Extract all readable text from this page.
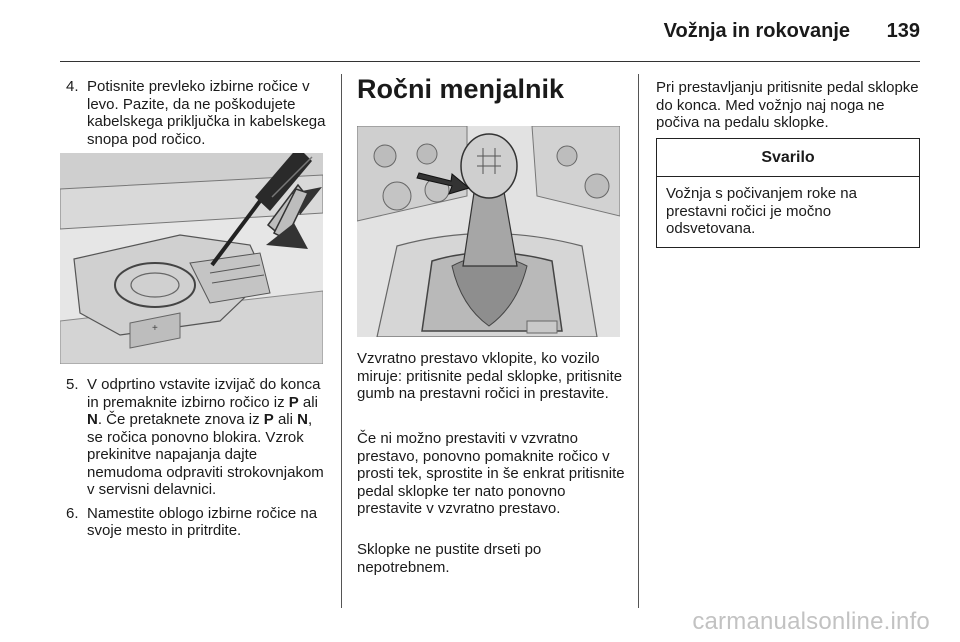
Vožnja in rokovanje	139
4. Potisnite prevleko izbirne ročice v levo. Pazite, da ne poškodujete kabelskega priključka in kabelskega snopa pod ročico.
+
5. V odprtino vstavite izvijač do konca in premaknite izbirno ročico iz P ali N. Če pretaknete znova iz P ali N, se ročica ponovno blokira. Vzrok prekinitve napajanja dajte nemudoma odpraviti strokovnjakom v servisni delavnici.
6. Namestite oblogo izbirne ročice na svoje mesto in pritrdite.
Ročni menjalnik

Vzvratno prestavo vklopite, ko vozilo miruje: pritisnite pedal sklopke, pritisnite gumb na prestavni ročici in prestavite.

Če ni možno prestaviti v vzvratno prestavo, ponovno pomaknite ročico v prosti tek, sprostite in še enkrat pritisnite pedal sklopke ter nato ponovno prestavite v vzvratno prestavo.

Sklopke ne pustite drseti po nepotrebnem.

Pri prestavljanju pritisnite pedal sklopke do konca. Med vožnjo naj noga ne počiva na pedalu sklopke.

Svarilo
Vožnja s počivanjem roke na prestavni ročici je močno odsvetovana.
carmanualsonline.info
